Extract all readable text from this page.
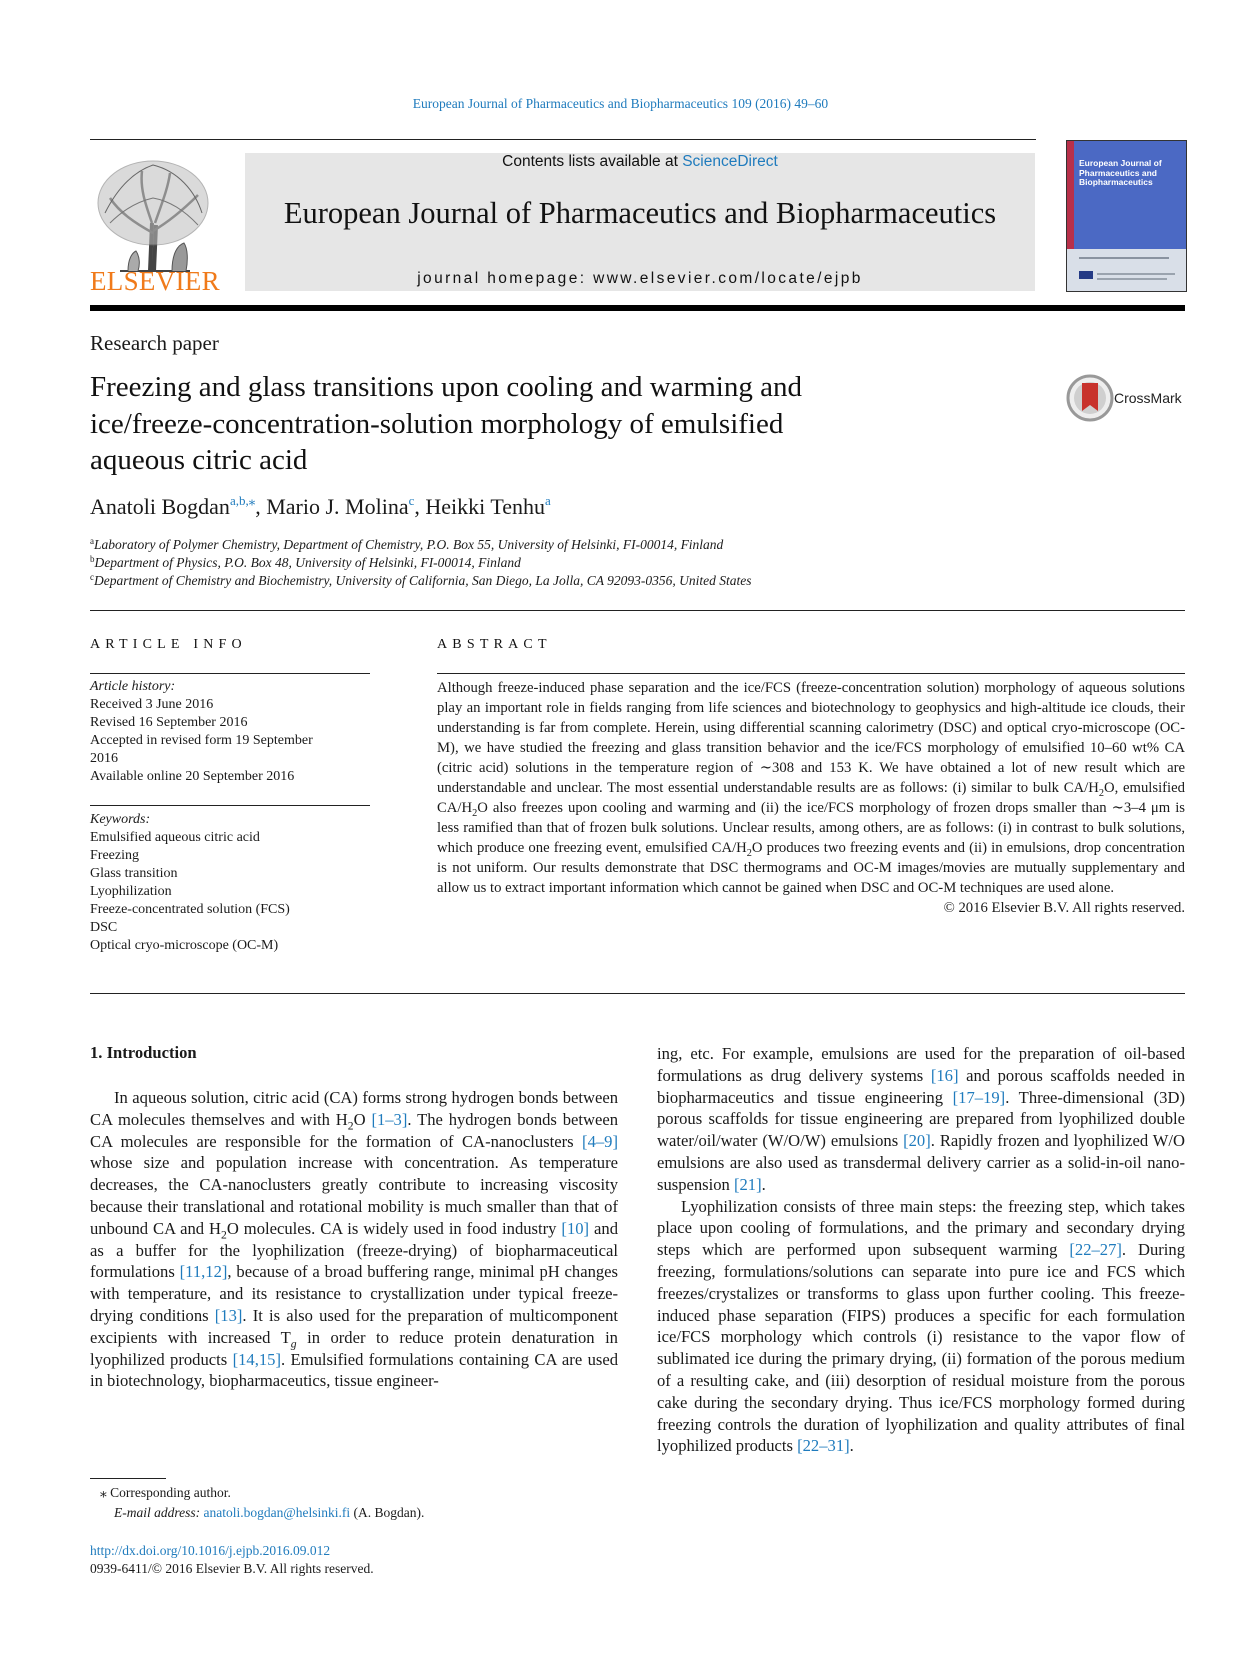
European Journal of Pharmaceutics and Biopharmaceutics 109 (2016) 49–60
ELSEVIER
Contents lists available at ScienceDirect
European Journal of Pharmaceutics and Biopharmaceutics
journal homepage: www.elsevier.com/locate/ejpb
European Journal of Pharmaceutics and Biopharmaceutics
Research paper
Freezing and glass transitions upon cooling and warming and
ice/freeze-concentration-solution morphology of emulsified
aqueous citric acid
CrossMark
Anatoli Bogdan$^{a,b,⁎}$, Mario J. Molina$^c$, Heikki Tenhu$^a$
$^a$Laboratory of Polymer Chemistry, Department of Chemistry, P.O. Box 55, University of Helsinki, FI-00014, Finland
$^b$Department of Physics, P.O. Box 48, University of Helsinki, FI-00014, Finland
$^c$Department of Chemistry and Biochemistry, University of California, San Diego, La Jolla, CA 92093-0356, United States
ARTICLE INFO
Article history:
Received 3 June 2016
Revised 16 September 2016
Accepted in revised form 19 September
2016
Available online 20 September 2016
Keywords:
Emulsified aqueous citric acid
Freezing
Glass transition
Lyophilization
Freeze-concentrated solution (FCS)
DSC
Optical cryo-microscope (OC-M)
ABSTRACT
Although freeze-induced phase separation and the ice/FCS (freeze-concentration solution) morphology of aqueous solutions play an important role in fields ranging from life sciences and biotechnology to geophysics and high-altitude ice clouds, their understanding is far from complete. Herein, using differential scanning calorimetry (DSC) and optical cryo-microscope (OC-M), we have studied the freezing and glass transition behavior and the ice/FCS morphology of emulsified 10–60 wt% CA (citric acid) solutions in the temperature region of ∼308 and 153 K. We have obtained a lot of new result which are understandable and unclear. The most essential understandable results are as follows: (i) similar to bulk $CA/H_2O$, emulsified $CA/H_2O$ also freezes upon cooling and warming and (ii) the ice/FCS morphology of frozen drops smaller than ∼3–4 μm is less ramified than that of frozen bulk solutions. Unclear results, among others, are as follows: (i) in contrast to bulk solutions, which produce one freezing event, emulsified $CA/H_2O$ produces two freezing events and (ii) in emulsions, drop concentration is not uniform. Our results demonstrate that DSC thermograms and OC-M images/movies are mutually supplementary and allow us to extract important information which cannot be gained when DSC and OC-M techniques are used alone.
© 2016 Elsevier B.V. All rights reserved.
1. Introduction

In aqueous solution, citric acid (CA) forms strong hydrogen bonds between CA molecules themselves and with $H_2O$ [1–3]. The hydrogen bonds between CA molecules are responsible for the formation of CA-nanoclusters [4–9] whose size and population increase with concentration. As temperature decreases, the CA-nanoclusters greatly contribute to increasing viscosity because their translational and rotational mobility is much smaller than that of unbound CA and $H_2O$ molecules. CA is widely used in food industry [10] and as a buffer for the lyophilization (freeze-drying) of biopharmaceutical formulations [11,12], because of a broad buffering range, minimal pH changes with temperature, and its resistance to crystallization under typical freeze-drying conditions [13]. It is also used for the preparation of multicomponent excipients with increased $T_g$ in order to reduce protein denaturation in lyophilized products [14,15]. Emulsified formulations containing CA are used in biotechnology, biopharmaceutics, tissue engineer-

ing, etc. For example, emulsions are used for the preparation of oil-based formulations as drug delivery systems [16] and porous scaffolds needed in biopharmaceutics and tissue engineering [17–19]. Three-dimensional (3D) porous scaffolds for tissue engineering are prepared from lyophilized double water/oil/water (W/O/W) emulsions [20]. Rapidly frozen and lyophilized W/O emulsions are also used as transdermal delivery carrier as a solid-in-oil nano-suspension [21].

Lyophilization consists of three main steps: the freezing step, which takes place upon cooling of formulations, and the primary and secondary drying steps which are performed upon subsequent warming [22–27]. During freezing, formulations/solutions can separate into pure ice and FCS which freezes/crystalizes or transforms to glass upon further cooling. This freeze-induced phase separation (FIPS) produces a specific for each formulation ice/FCS morphology which controls (i) resistance to the vapor flow of sublimated ice during the primary drying, (ii) formation of the porous medium of a resulting cake, and (iii) desorption of residual moisture from the porous cake during the secondary drying. Thus ice/FCS morphology formed during freezing controls the duration of lyophilization and quality attributes of final lyophilized products [22–31].

⁎ Corresponding author.
E-mail address: anatoli.bogdan@helsinki.fi (A. Bogdan).
http://dx.doi.org/10.1016/j.ejpb.2016.09.012
0939-6411/© 2016 Elsevier B.V. All rights reserved.
